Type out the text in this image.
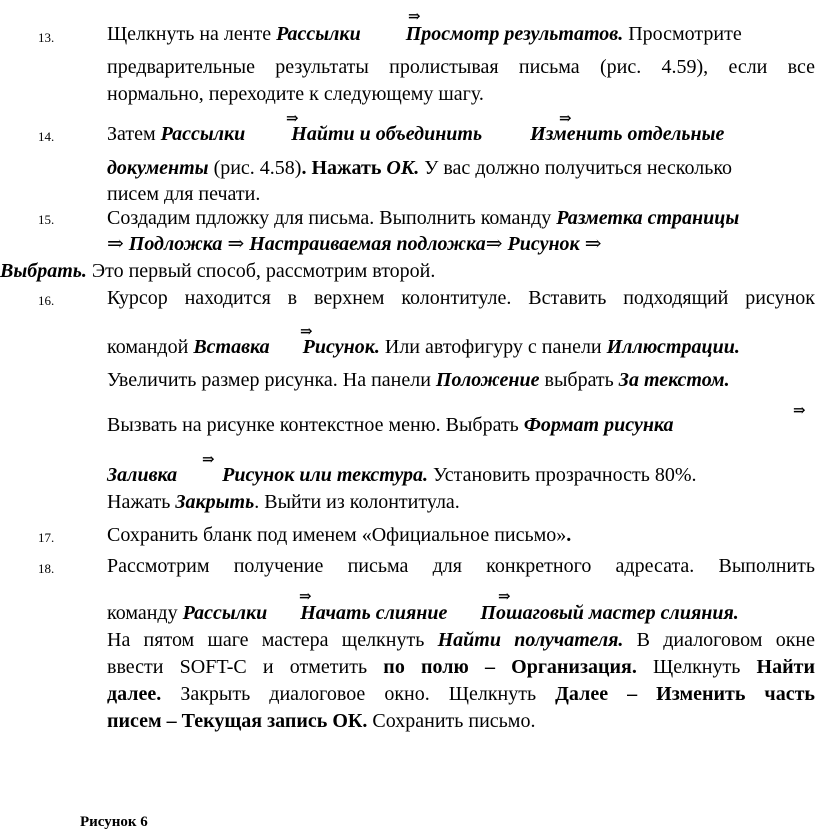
13.	Щелкнуть на ленте Рассылки Просмотр результатов. Просмотрите
⇒
предварительные результаты пролистывая письма (рис. 4.59), если все
нормально, переходите к следующему шагу.
14.	Затем Рассылки Найти и объединить Изменить отдельные
⇒	⇒
документы (рис. 4.58). Нажать OK. У вас должно получиться несколько
писем для печати.
15.	Создадим пдложку для письма. Выполнить команду Разметка страницы
⇒ Подложка ⇒ Настраиваемая подложка⇒ Рисунок ⇒
Выбрать. Это первый способ, рассмотрим второй.
16.	Курсор находится в верхнем колонтитуле. Вставить подходящий рисунок
командой Вставка Рисунок. Или автофигуру с панели Иллюстрации.
⇒
Увеличить размер рисунка. На панели Положение выбрать За текстом.
Вызвать на рисунке контекстное меню. Выбрать Формат рисунка
⇒
Заливка Рисунок или текстура. Установить прозрачность 80%.
⇒
Нажать Закрыть. Выйти из колонтитула.
17.	Сохранить бланк под именем «Официальное письмо».
18.	Рассмотрим получение письма для конкретного адресата. Выполнить
команду Рассылки Начать слияние Пошаговый мастер слияния.
⇒	⇒
На пятом шаге мастера щелкнуть Найти получателя. В диалоговом окне
ввести SOFT-C и отметить по полю – Организация. Щелкнуть Найти
далее. Закрыть диалоговое окно. Щелкнуть Далее – Изменить часть
писем – Текущая запись ОК. Сохранить письмо.
Рисунок 6
